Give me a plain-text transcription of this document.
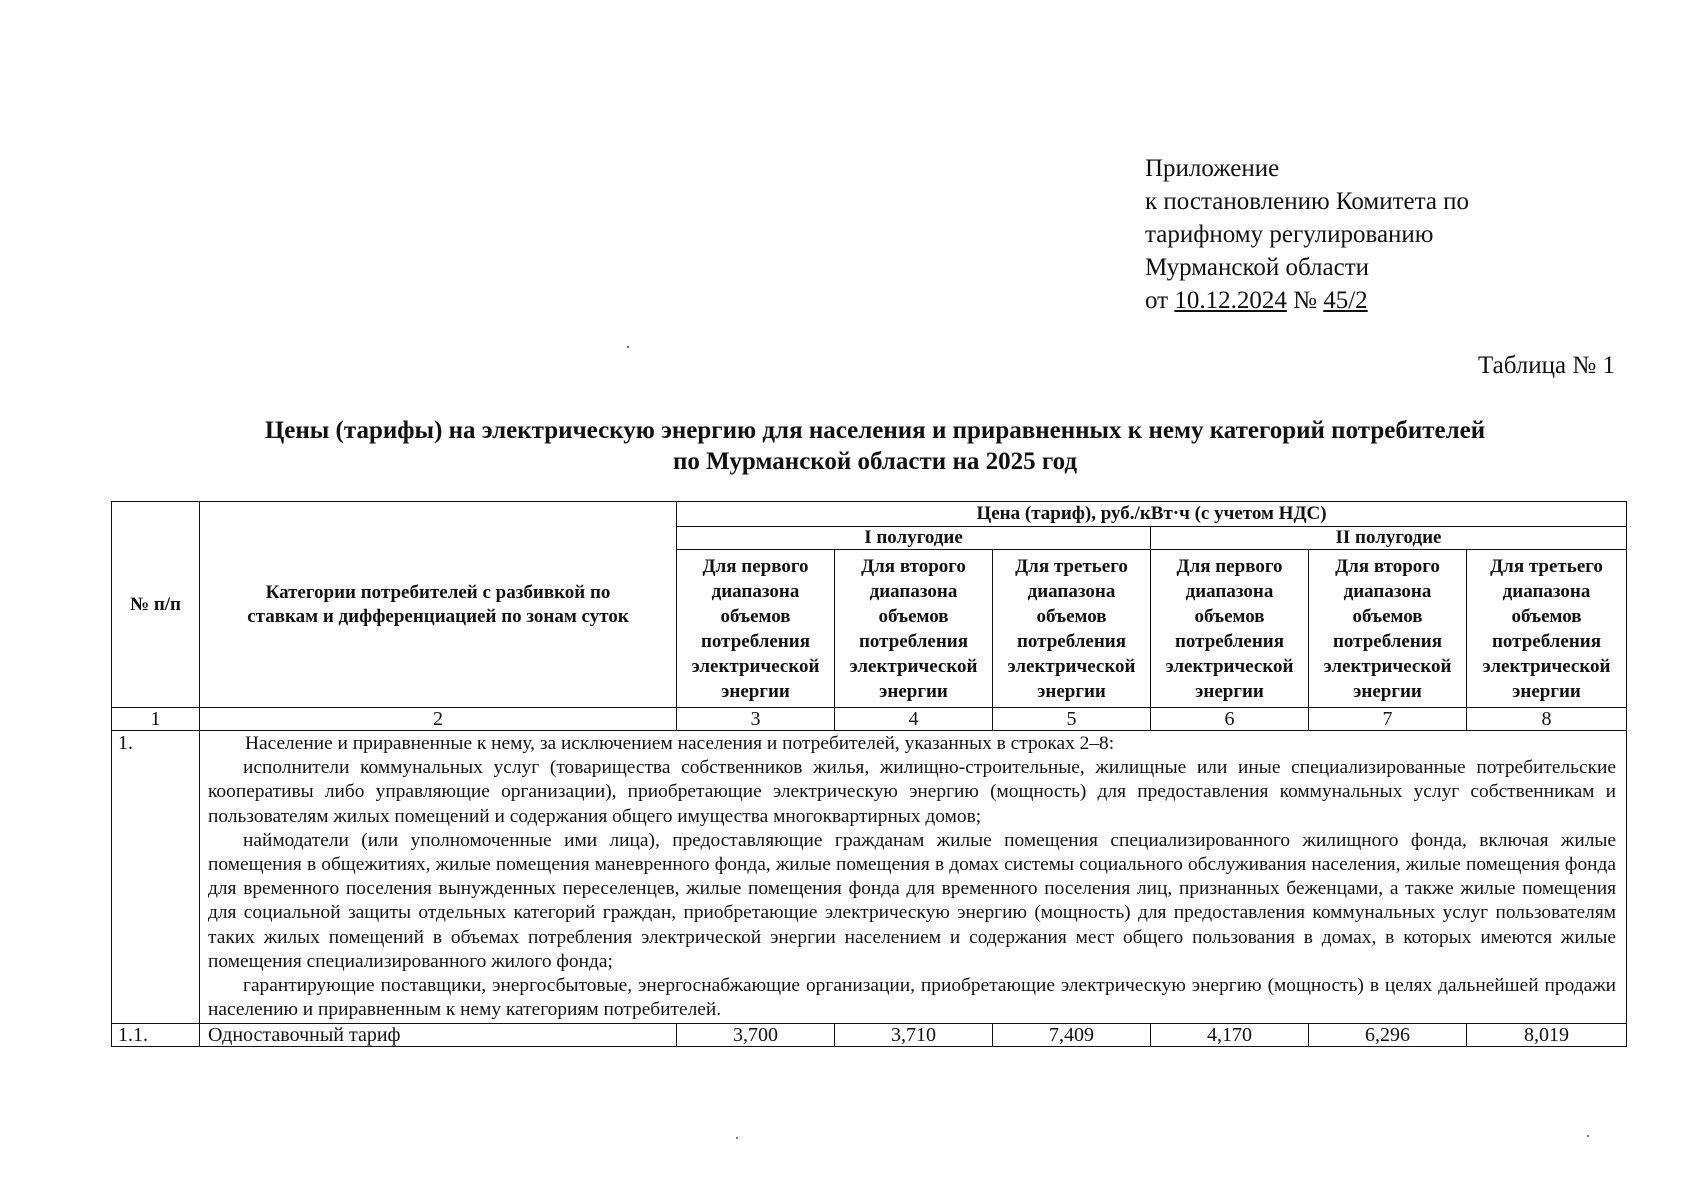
Приложение
к постановлению Комитета по
тарифному регулированию
Мурманской области
от 10.12.2024 № 45/2
Таблица № 1
Цены (тарифы) на электрическую энергию для населения и приравненных к нему категорий потребителей
по Мурманской области на 2025 год
№ п/п	Категории потребителей с разбивкой по ставкам и дифференциацией по зонам суток	Цена (тариф), руб./кВт·ч (с учетом НДС)					
		I полугодие			II полугодие		
		Для первого диапазона объемов потребления электрической энергии	Для второго диапазона объемов потребления электрической энергии	Для третьего диапазона объемов потребления электрической энергии	Для первого диапазона объемов потребления электрической энергии	Для второго диапазона объемов потребления электрической энергии	Для третьего диапазона объемов потребления электрической энергии
1	2	3	4	5	6	7	8
1.	Население и приравненные к нему, за исключением населения и потребителей, указанных в строках 2–8:

исполнители коммунальных услуг (товарищества собственников жилья, жилищно-строительные, жилищные или иные специализированные потребительские кооперативы либо управляющие организации), приобретающие электрическую энергию (мощность) для предоставления коммунальных услуг собственникам и пользователям жилых помещений и содержания общего имущества многоквартирных домов;

наймодатели (или уполномоченные ими лица), предоставляющие гражданам жилые помещения специализированного жилищного фонда, включая жилые помещения в общежитиях, жилые помещения маневренного фонда, жилые помещения в домах системы социального обслуживания населения, жилые помещения фонда для временного поселения вынужденных переселенцев, жилые помещения фонда для временного поселения лиц, признанных беженцами, а также жилые помещения для социальной защиты отдельных категорий граждан, приобретающие электрическую энергию (мощность) для предоставления коммунальных услуг пользователям таких жилых помещений в объемах потребления электрической энергии населением и содержания мест общего пользования в домах, в которых имеются жилые помещения специализированного жилого фонда;

гарантирующие поставщики, энергосбытовые, энергоснабжающие организации, приобретающие электрическую энергию (мощность) в целях дальнейшей продажи населению и приравненным к нему категориям потребителей.						

1.1.	Одноставочный тариф	3,700	3,710	7,409	4,170	6,296	8,019
